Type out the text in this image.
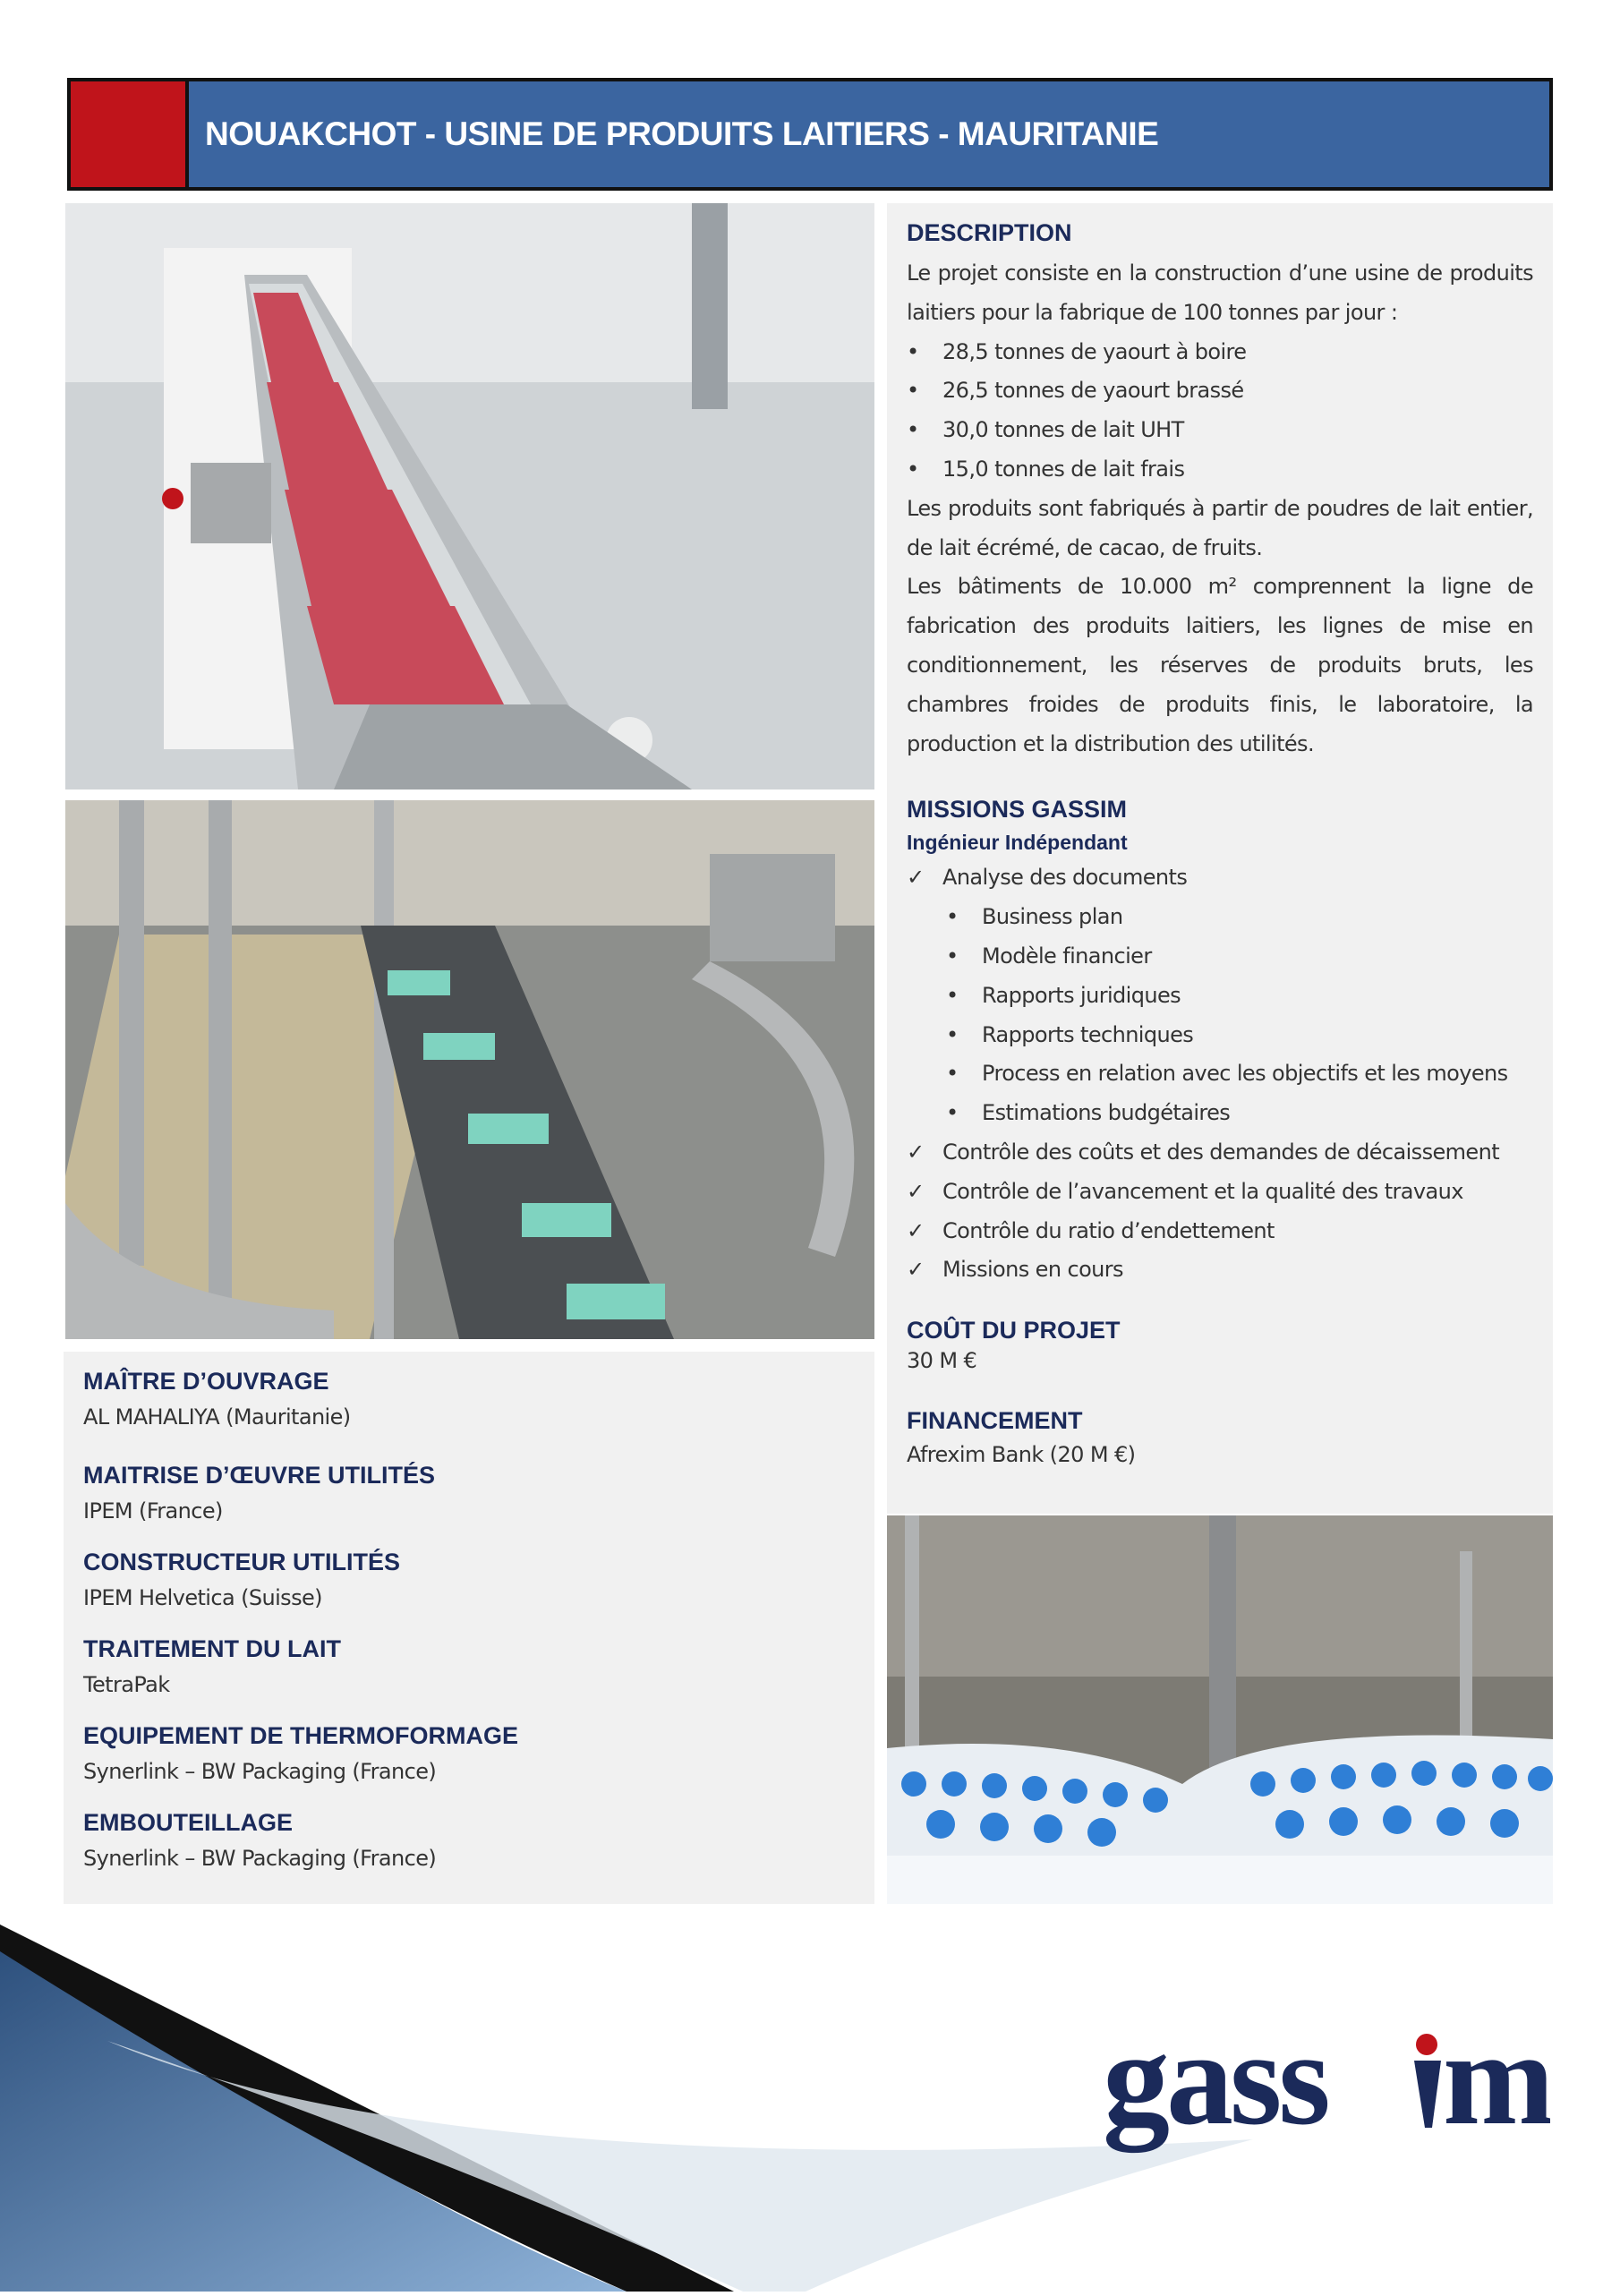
NOUAKCHOT - USINE DE PRODUITS LAITIERS - MAURITANIE
DESCRIPTION

Le projet consiste en la construction d’une usine de produits laitiers pour la fabrique de 100 tonnes par jour :

• 28,5 tonnes de yaourt à boire
• 26,5 tonnes de yaourt brassé
• 30,0 tonnes de lait UHT
• 15,0 tonnes de lait frais

Les produits sont fabriqués à partir de poudres de lait entier, de lait écrémé, de cacao, de fruits.

Les bâtiments de 10.000 m² comprennent la ligne de fabrication des produits laitiers, les lignes de mise en conditionnement, les réserves de produits bruts, les chambres froides de produits finis, le laboratoire, la production et la distribution des utilités.

MISSIONS GASSIM
Ingénieur Indépendant
✓ Analyse des documents
• Business plan
• Modèle financier
• Rapports juridiques
• Rapports techniques
• Process en relation avec les objectifs et les moyens
• Estimations budgétaires
✓ Contrôle des coûts et des demandes de décaissement
✓ Contrôle de l’avancement et la qualité des travaux
✓ Contrôle du ratio d’endettement
✓ Missions en cours
COÛT DU PROJET
30 M €
FINANCEMENT
Afrexim Bank (20 M €)
MAÎTRE D’OUVRAGE
AL MAHALIYA (Mauritanie)
MAITRISE D’ŒUVRE UTILITÉS
IPEM (France)
CONSTRUCTEUR UTILITÉS
IPEM Helvetica (Suisse)
TRAITEMENT DU LAIT
TetraPak
EQUIPEMENT DE THERMOFORMAGE
Synerlink – BW Packaging (France)
EMBOUTEILLAGE
Synerlink – BW Packaging (France)
gass m
